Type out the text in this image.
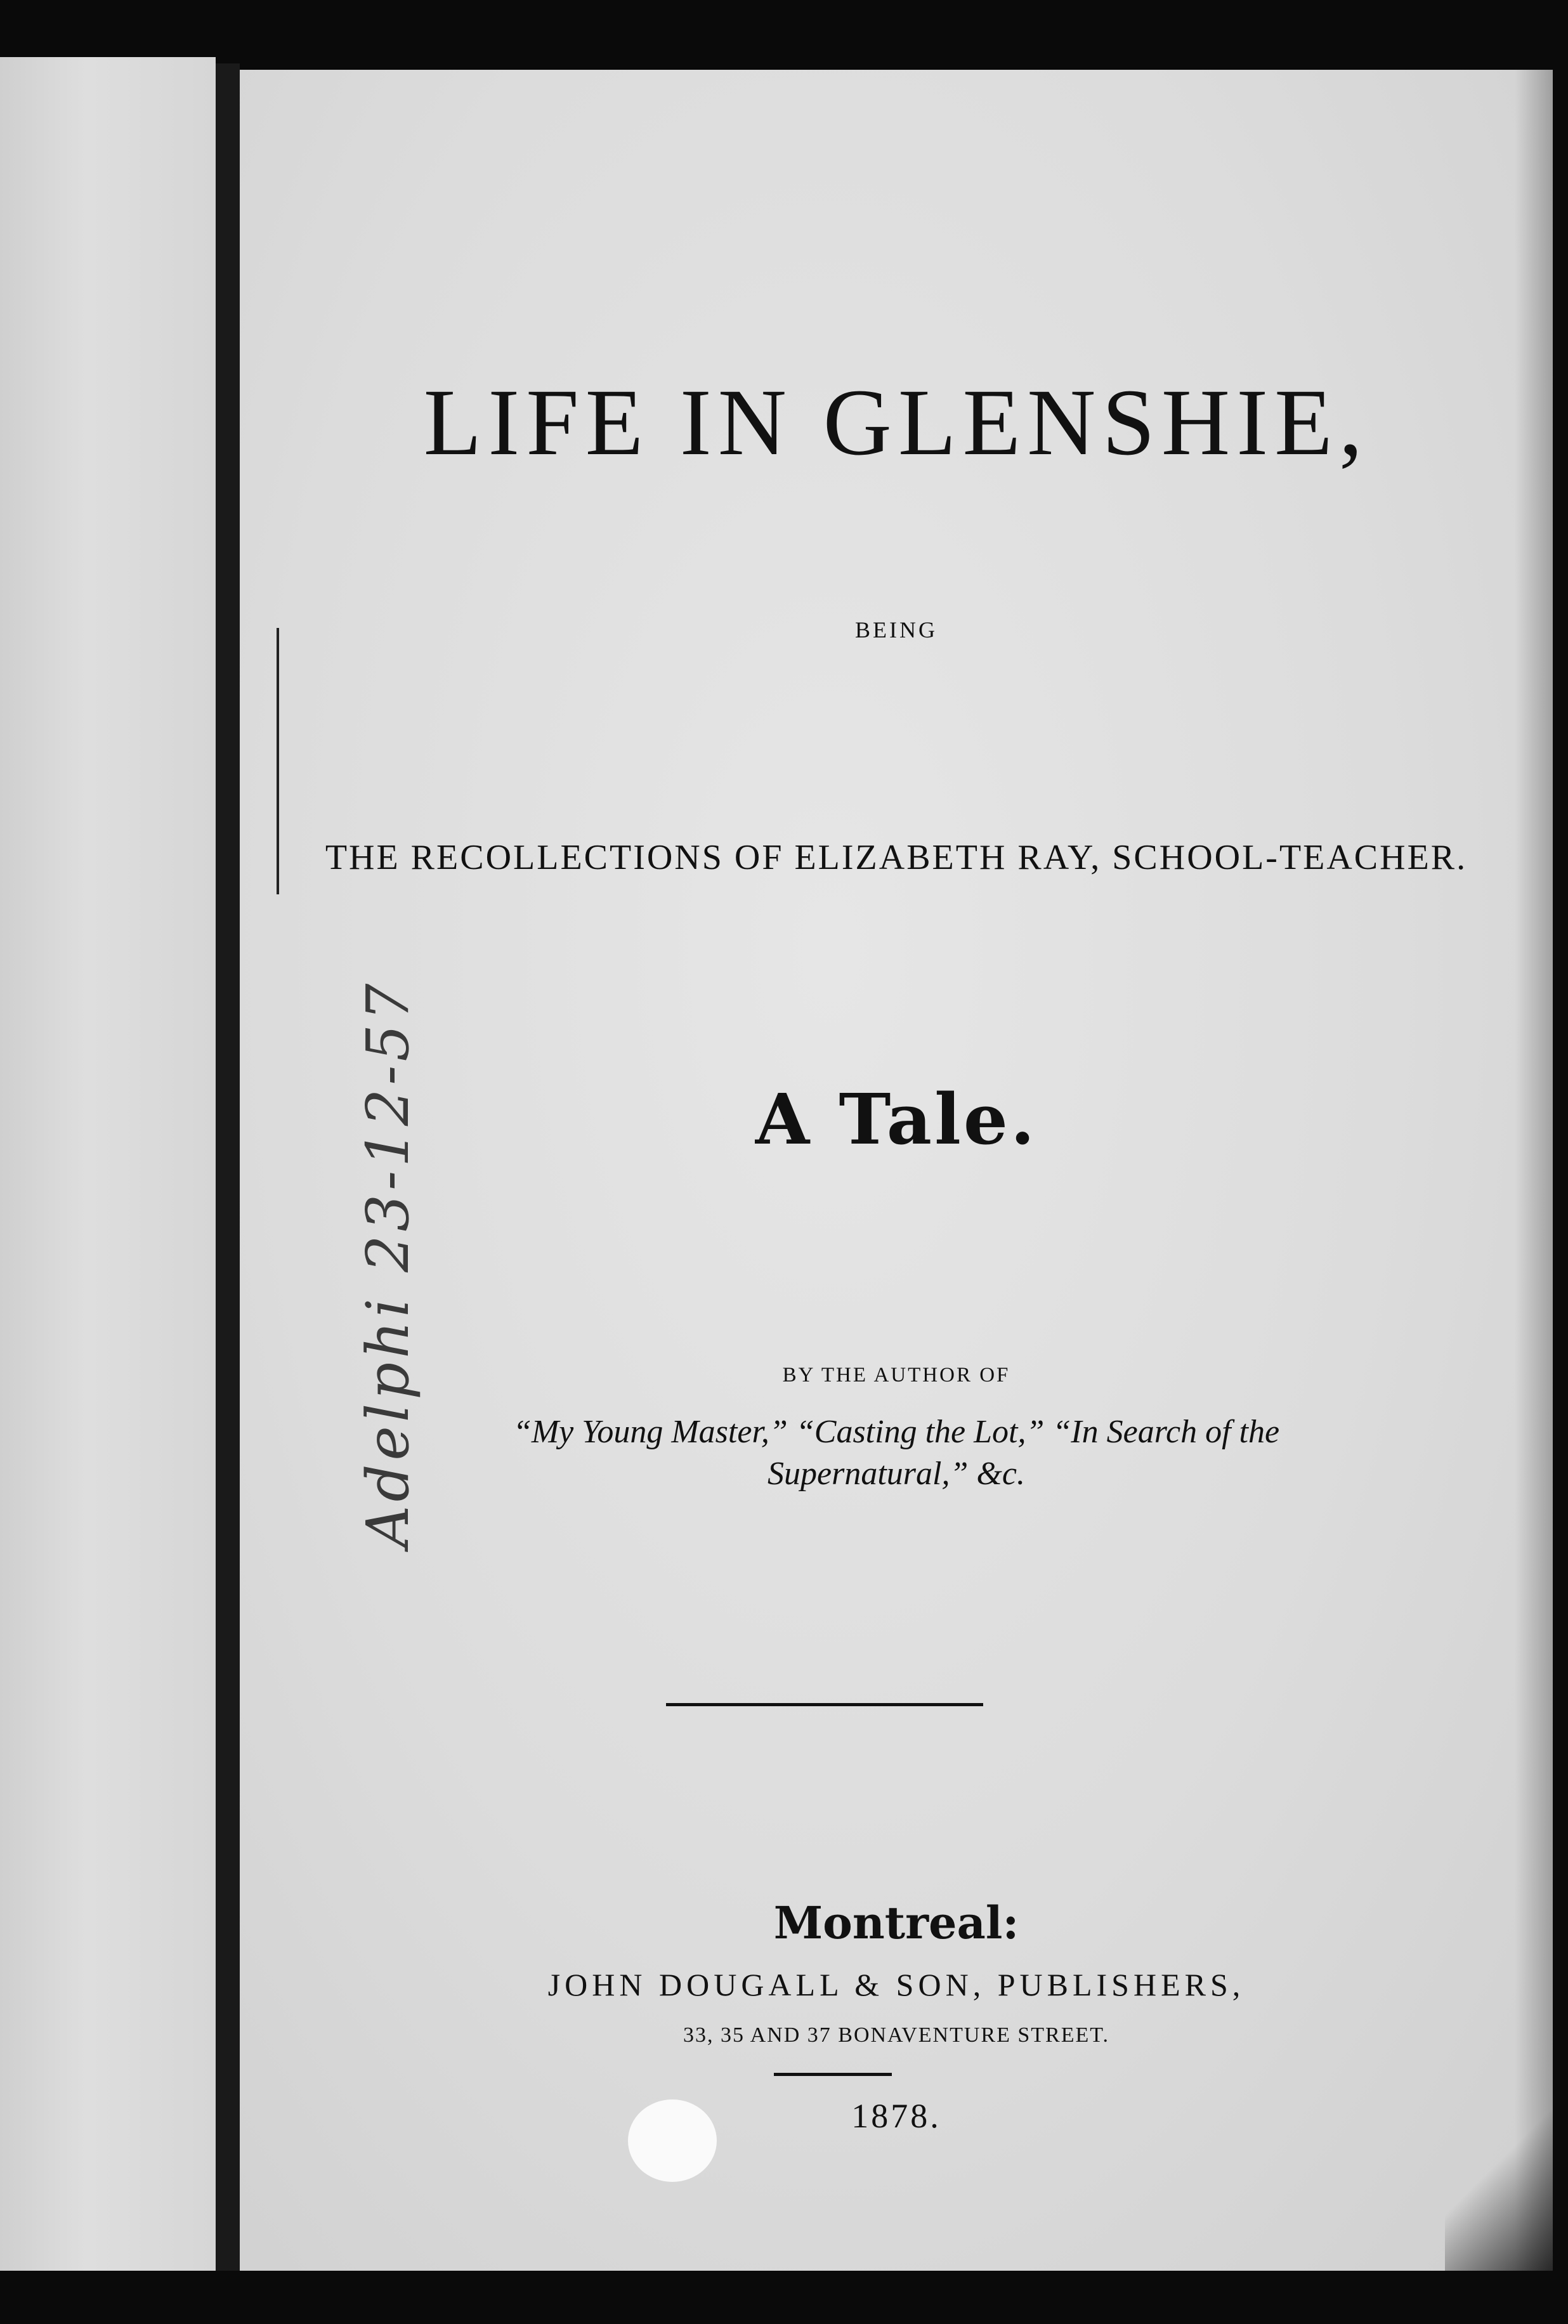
Adelphi 23-12-57
LIFE IN GLENSHIE,
BEING
THE RECOLLECTIONS OF ELIZABETH RAY, SCHOOL-TEACHER.
A Tale.
BY THE AUTHOR OF
“My Young Master,” “Casting the Lot,” “In Search of the
Supernatural,” &c.
Montreal:
JOHN DOUGALL & SON, PUBLISHERS,
33, 35 AND 37 BONAVENTURE STREET.
1878.
